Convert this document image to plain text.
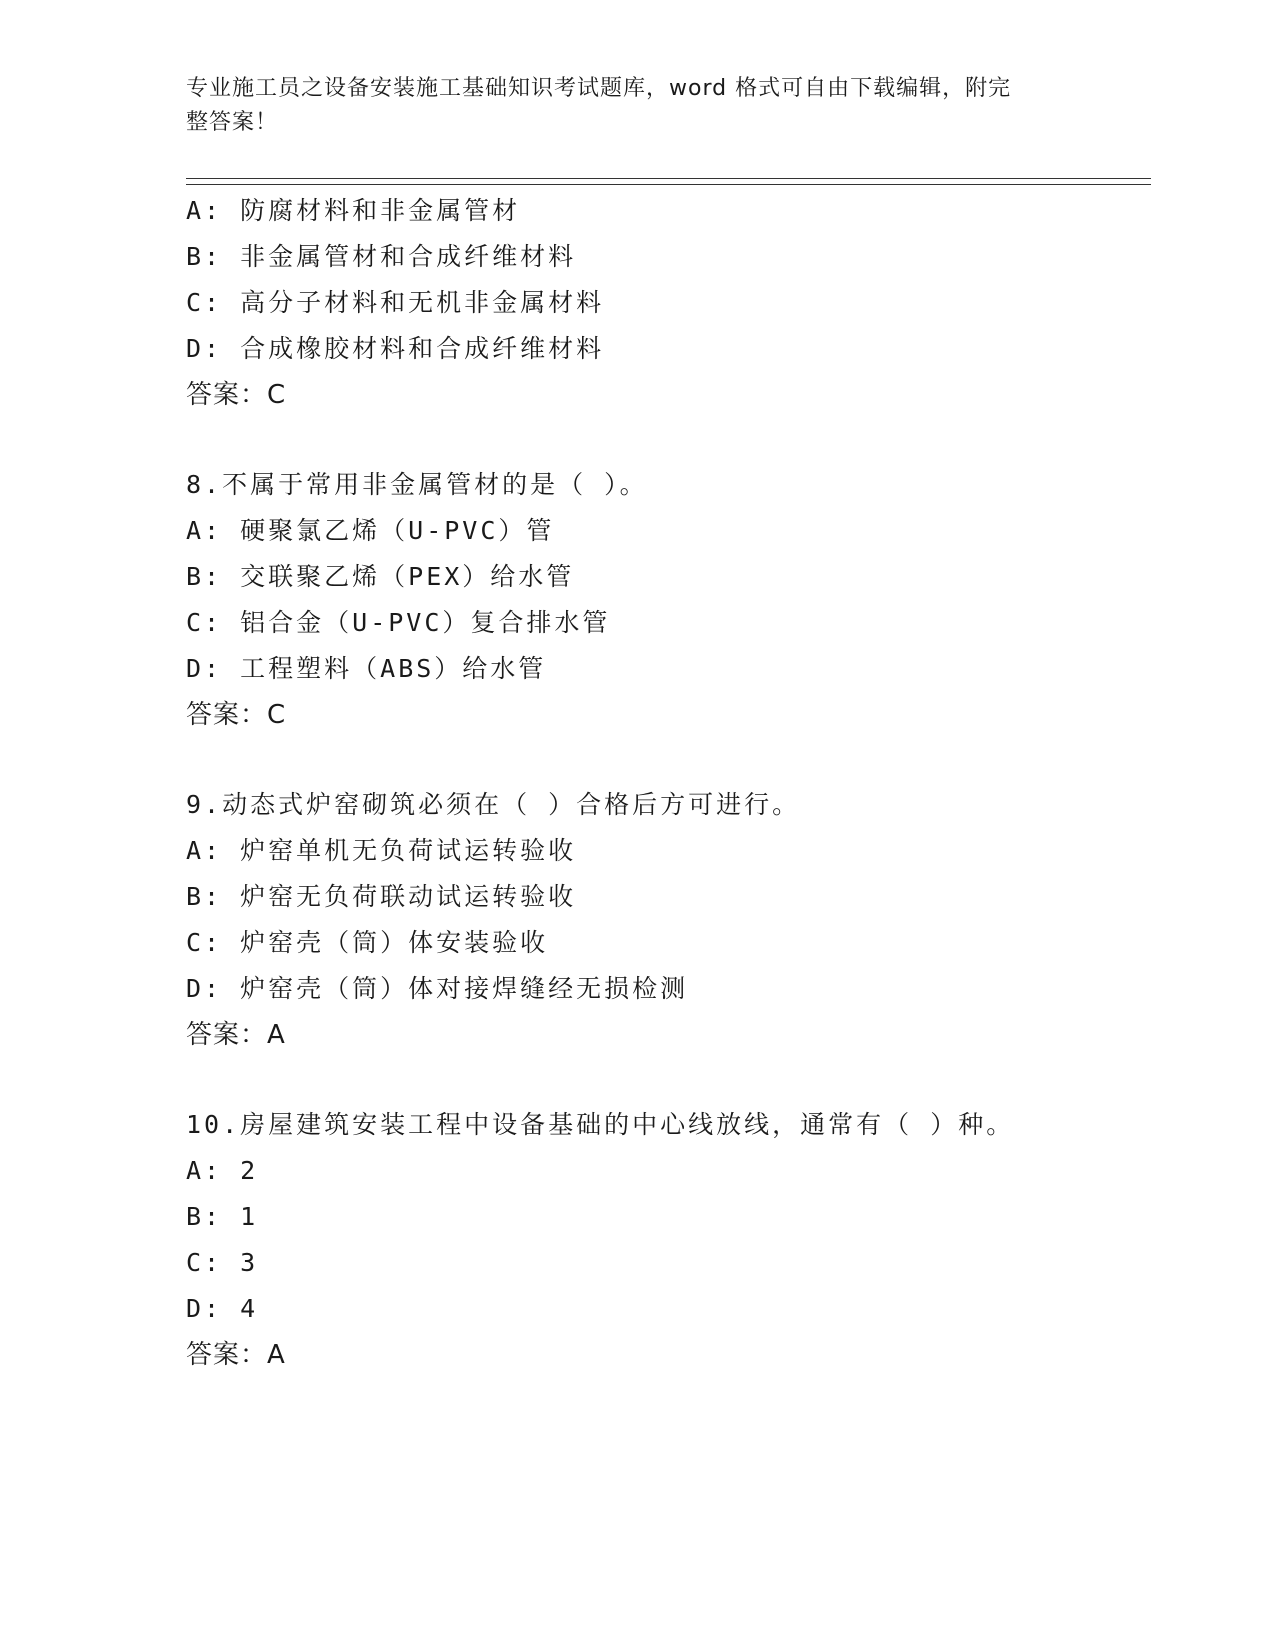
专业施工员之设备安装施工基础知识考试题库，word 格式可自由下载编辑，附完
整答案！
A: 防腐材料和非金属管材
B: 非金属管材和合成纤维材料
C: 高分子材料和无机非金属材料
D: 合成橡胶材料和合成纤维材料
答案：C
8.不属于常用非金属管材的是（ ）。
A: 硬聚氯乙烯（U-PVC）管
B: 交联聚乙烯（PEX）给水管
C: 铝合金（U-PVC）复合排水管
D: 工程塑料（ABS）给水管
答案：C
9.动态式炉窑砌筑必须在（ ）合格后方可进行。
A: 炉窑单机无负荷试运转验收
B: 炉窑无负荷联动试运转验收
C: 炉窑壳（筒）体安装验收
D: 炉窑壳（筒）体对接焊缝经无损检测
答案：A
10.房屋建筑安装工程中设备基础的中心线放线，通常有（ ）种。
A: 2
B: 1
C: 3
D: 4
答案：A
